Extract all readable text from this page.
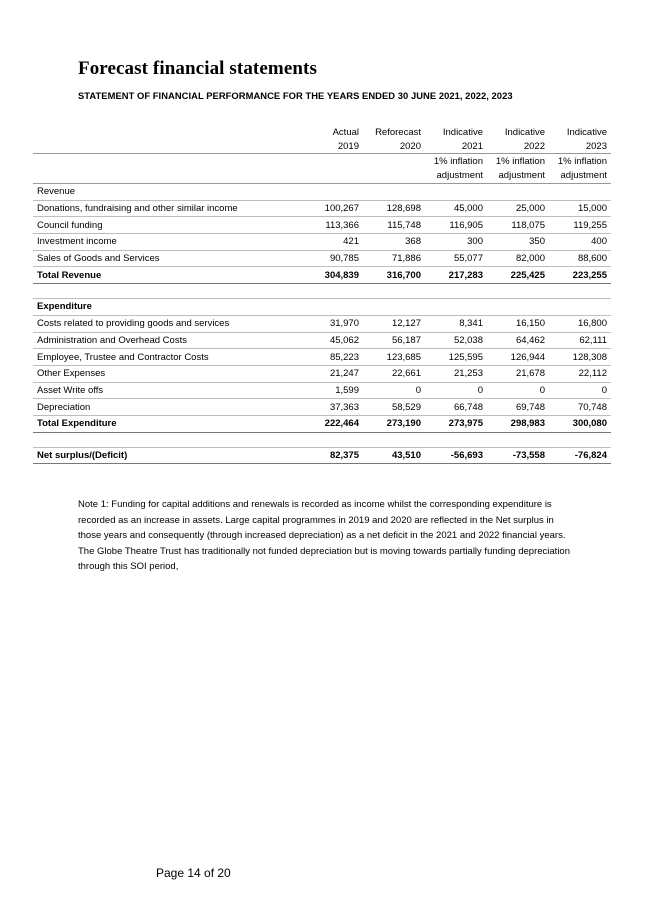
Forecast financial statements
STATEMENT OF FINANCIAL PERFORMANCE FOR THE YEARS ENDED 30 JUNE 2021, 2022, 2023
	Actual	Reforecast	Indicative	Indicative	Indicative
	2019	2020	2021	2022	2023
			1% inflation	1% inflation	1% inflation
			adjustment	adjustment	adjustment
Revenue					
Donations, fundraising and other similar income	100,267	128,698	45,000	25,000	15,000
Council funding	113,366	115,748	116,905	118,075	119,255
Investment income	421	368	300	350	400
Sales of Goods and Services	90,785	71,886	55,077	82,000	88,600
Total Revenue	304,839	316,700	217,283	225,425	223,255

Expenditure					
Costs related to providing goods and services	31,970	12,127	8,341	16,150	16,800
Administration and Overhead Costs	45,062	56,187	52,038	64,462	62,111
Employee, Trustee and Contractor Costs	85,223	123,685	125,595	126,944	128,308
Other Expenses	21,247	22,661	21,253	21,678	22,112
Asset Write offs	1,599	0	0	0	0
Depreciation	37,363	58,529	66,748	69,748	70,748
Total Expenditure	222,464	273,190	273,975	298,983	300,080

Net surplus/(Deficit)	82,375	43,510	-56,693	-73,558	-76,824
Note 1: Funding for capital additions and renewals is recorded as income whilst the corresponding expenditure is recorded as an increase in assets. Large capital programmes in 2019 and 2020 are reflected in the Net surplus in those years and consequently (through increased depreciation) as a net deficit in the 2021 and 2022 financial years. The Globe Theatre Trust has traditionally not funded depreciation but is moving towards partially funding depreciation through this SOI period,
Page 14 of 20
